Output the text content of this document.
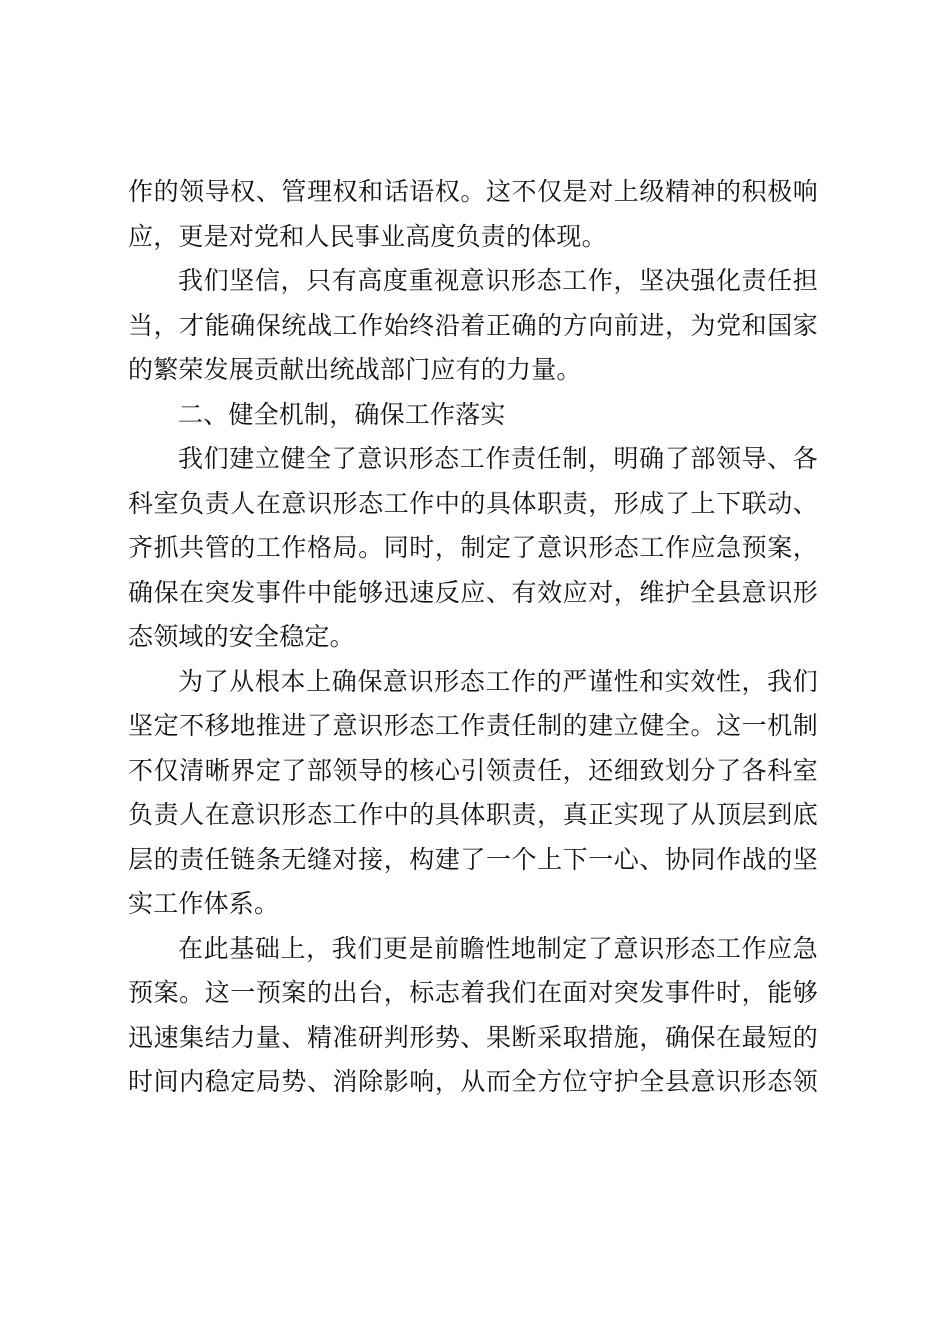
作的领导权、管理权和话语权。这不仅是对上级精神的积极响
应，更是对党和人民事业高度负责的体现。
我们坚信，只有高度重视意识形态工作，坚决强化责任担
当，才能确保统战工作始终沿着正确的方向前进，为党和国家
的繁荣发展贡献出统战部门应有的力量。
二、健全机制，确保工作落实
我们建立健全了意识形态工作责任制，明确了部领导、各
科室负责人在意识形态工作中的具体职责，形成了上下联动、
齐抓共管的工作格局。同时，制定了意识形态工作应急预案，
确保在突发事件中能够迅速反应、有效应对，维护全县意识形
态领域的安全稳定。
为了从根本上确保意识形态工作的严谨性和实效性，我们
坚定不移地推进了意识形态工作责任制的建立健全。这一机制
不仅清晰界定了部领导的核心引领责任，还细致划分了各科室
负责人在意识形态工作中的具体职责，真正实现了从顶层到底
层的责任链条无缝对接，构建了一个上下一心、协同作战的坚
实工作体系。
在此基础上，我们更是前瞻性地制定了意识形态工作应急
预案。这一预案的出台，标志着我们在面对突发事件时，能够
迅速集结力量、精准研判形势、果断采取措施，确保在最短的
时间内稳定局势、消除影响，从而全方位守护全县意识形态领
